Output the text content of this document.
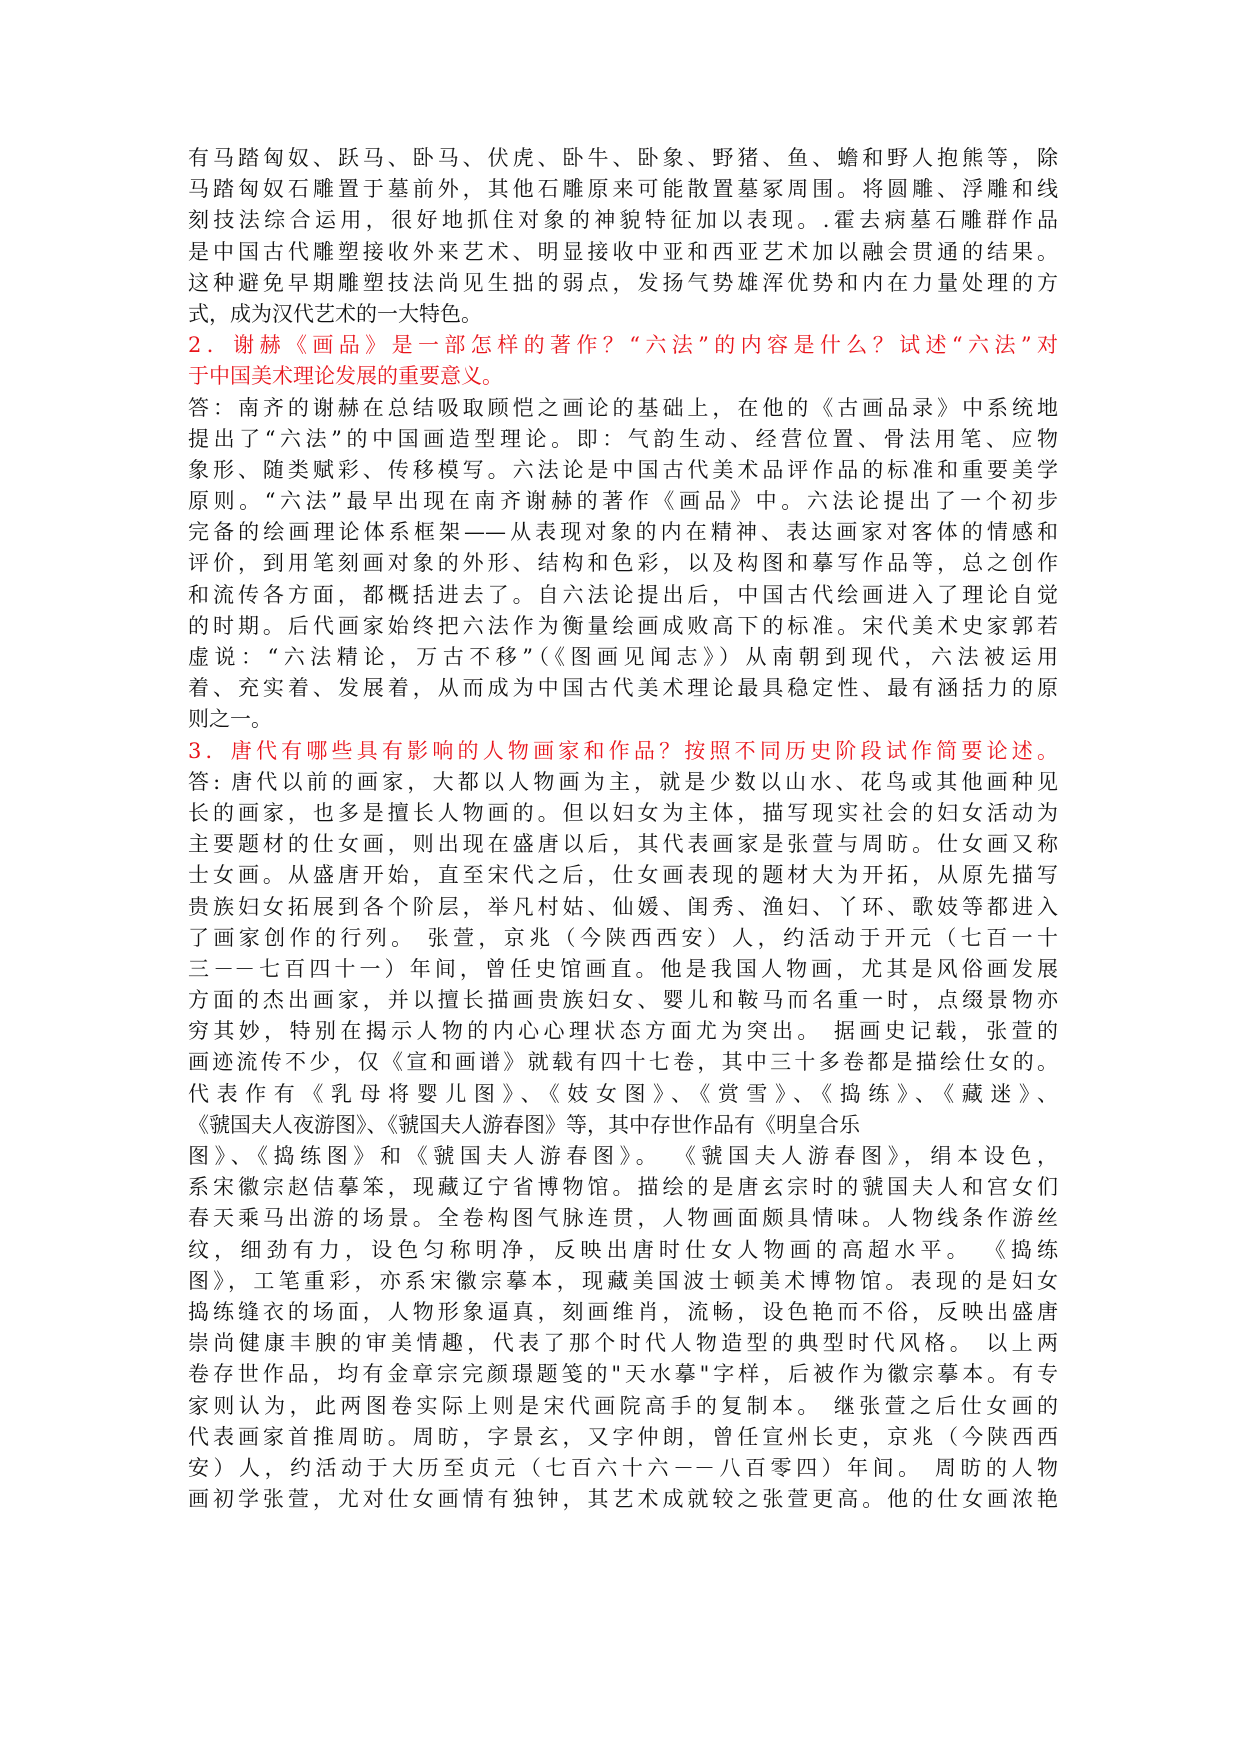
有马踏匈奴、跃马、卧马、伏虎、卧牛、卧象、野猪、鱼、蟾和野人抱熊等，除
马踏匈奴石雕置于墓前外，其他石雕原来可能散置墓冢周围。将圆雕、浮雕和线
刻技法综合运用，很好地抓住对象的神貌特征加以表现。.霍去病墓石雕群作品
是中国古代雕塑接收外来艺术、明显接收中亚和西亚艺术加以融会贯通的结果。
这种避免早期雕塑技法尚见生拙的弱点，发扬气势雄浑优势和内在力量处理的方
式，成为汉代艺术的一大特色。
2．谢赫《画品》是一部怎样的著作？“六法”的内容是什么？试述“六法”对
于中国美术理论发展的重要意义。
答：南齐的谢赫在总结吸取顾恺之画论的基础上，在他的《古画品录》中系统地
提出了“六法”的中国画造型理论。即：气韵生动、经营位置、骨法用笔、应物
象形、随类赋彩、传移模写。六法论是中国古代美术品评作品的标准和重要美学
原则。“六法”最早出现在南齐谢赫的著作《画品》中。六法论提出了一个初步
完备的绘画理论体系框架——从表现对象的内在精神、表达画家对客体的情感和
评价，到用笔刻画对象的外形、结构和色彩，以及构图和摹写作品等，总之创作
和流传各方面，都概括进去了。自六法论提出后，中国古代绘画进入了理论自觉
的时期。后代画家始终把六法作为衡量绘画成败高下的标准。宋代美术史家郭若
虚说：“六法精论，万古不移”（《图画见闻志》）从南朝到现代，六法被运用
着、充实着、发展着，从而成为中国古代美术理论最具稳定性、最有涵括力的原
则之一。
3．唐代有哪些具有影响的人物画家和作品？按照不同历史阶段试作简要论述。
答: 唐代以前的画家，大都以人物画为主，就是少数以山水、花鸟或其他画种见
长的画家，也多是擅长人物画的。但以妇女为主体，描写现实社会的妇女活动为
主要题材的仕女画，则出现在盛唐以后，其代表画家是张萱与周昉。仕女画又称
士女画。从盛唐开始，直至宋代之后，仕女画表现的题材大为开拓，从原先描写
贵族妇女拓展到各个阶层，举凡村姑、仙媛、闺秀、渔妇、丫环、歌妓等都进入
了画家创作的行列。 张萱，京兆（今陕西西安）人，约活动于开元（七百一十
三－－七百四十一）年间，曾任史馆画直。他是我国人物画，尤其是风俗画发展
方面的杰出画家，并以擅长描画贵族妇女、婴儿和鞍马而名重一时，点缀景物亦
穷其妙，特别在揭示人物的内心心理状态方面尤为突出。 据画史记载，张萱的
画迹流传不少，仅《宣和画谱》就载有四十七卷，其中三十多卷都是描绘仕女的。
代表作有《乳母将婴儿图》、《妓女图》、《赏雪》、《捣练》、《藏迷》、
《虢国夫人夜游图》、《虢国夫人游春图》等，其中存世作品有《明皇合乐
图》、《捣练图》和《虢国夫人游春图》。 《虢国夫人游春图》，绢本设色，
系宋徽宗赵佶摹笨，现藏辽宁省博物馆。描绘的是唐玄宗时的虢国夫人和宫女们
春天乘马出游的场景。全卷构图气脉连贯，人物画面颇具情味。人物线条作游丝
纹，细劲有力，设色匀称明净，反映出唐时仕女人物画的高超水平。 《捣练
图》，工笔重彩，亦系宋徽宗摹本，现藏美国波士顿美术博物馆。表现的是妇女
捣练缝衣的场面，人物形象逼真，刻画维肖，流畅，设色艳而不俗，反映出盛唐
崇尚健康丰腴的审美情趣，代表了那个时代人物造型的典型时代风格。 以上两
卷存世作品，均有金章宗完颜璟题笺的"天水摹"字样，后被作为徽宗摹本。有专
家则认为，此两图卷实际上则是宋代画院高手的复制本。 继张萱之后仕女画的
代表画家首推周昉。周昉，字景玄，又字仲朗，曾任宣州长吏，京兆（今陕西西
安）人，约活动于大历至贞元（七百六十六－－八百零四）年间。 周昉的人物
画初学张萱，尤对仕女画情有独钟，其艺术成就较之张萱更高。他的仕女画浓艳
